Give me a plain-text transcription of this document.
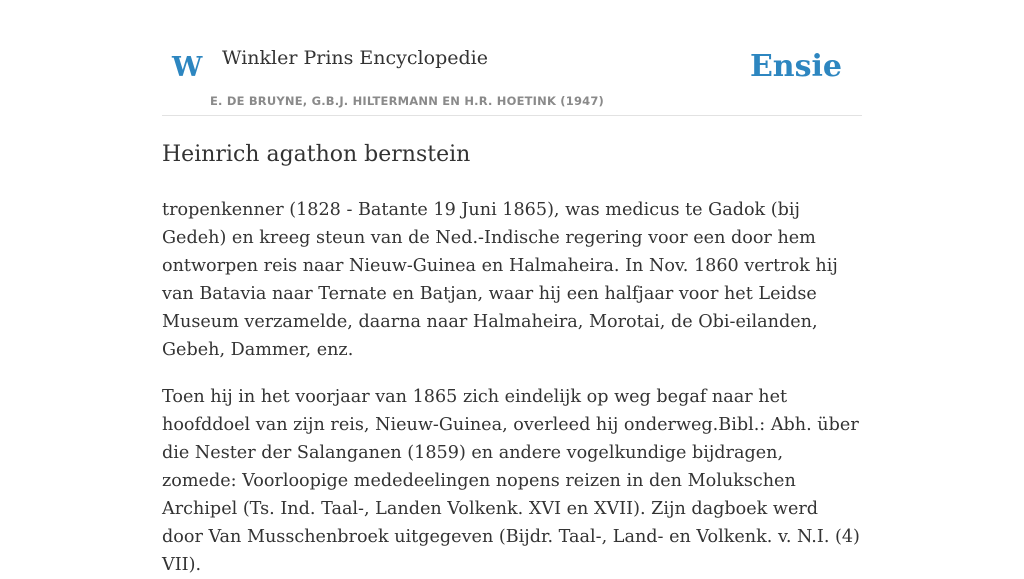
W Winkler Prins Encyclopedie
E. DE BRUYNE, G.B.J. HILTERMANN EN H.R. HOETINK (1947)
Ensie
Heinrich agathon bernstein

tropenkenner (1828 - Batante 19 Juni 1865), was medicus te Gadok (bij Gedeh) en kreeg steun van de Ned.-Indische regering voor een door hem ontworpen reis naar Nieuw-Guinea en Halmaheira. In Nov. 1860 vertrok hij van Batavia naar Ternate en Batjan, waar hij een halfjaar voor het Leidse Museum verzamelde, daarna naar Halmaheira, Morotai, de Obi-eilanden, Gebeh, Dammer, enz.

Toen hij in het voorjaar van 1865 zich eindelijk op weg begaf naar het hoofddoel van zijn reis, Nieuw-Guinea, overleed hij onderweg.Bibl.: Abh. über die Nester der Salanganen (1859) en andere vogelkundige bijdragen, zomede: Voorloopige mededeelingen nopens reizen in den Molukschen Archipel (Ts. Ind. Taal-, Landen Volkenk. XVI en XVII). Zijn dagboek werd door Van Musschenbroek uitgegeven (Bijdr. Taal-, Land- en Volkenk. v. N.I. (4) VII).
